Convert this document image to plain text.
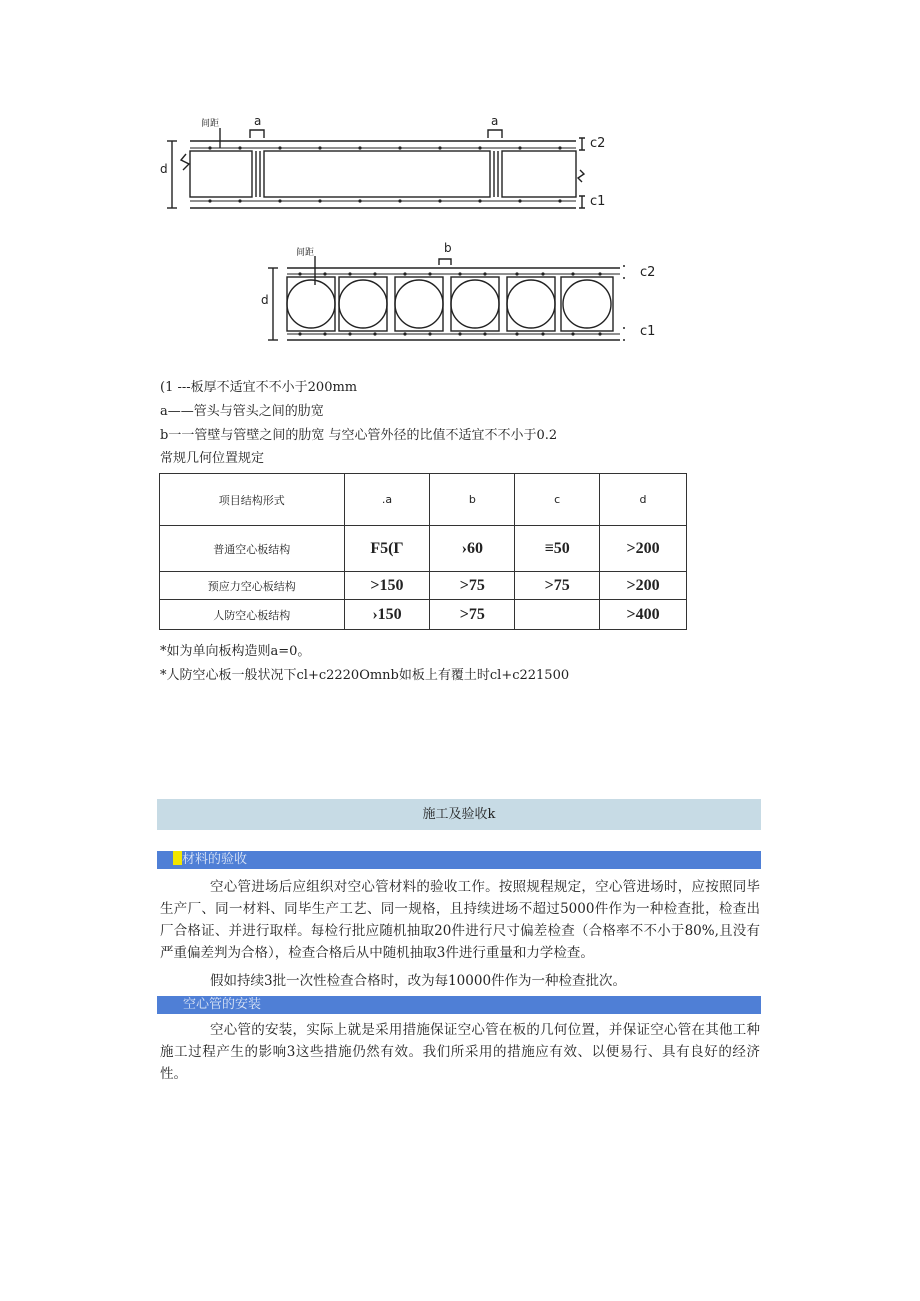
间距	a	a
d
c2
c1
间距	b
d
c2
c1
(1 ---板厚不适宜不不小于200mm
a——管头与管头之间的肋宽
b一一管壁与管壁之间的肋宽 与空心管外径的比值不适宜不不小于0.2
常规几何位置规定
项目结构形式	.a	b	c	d
普通空心板结构	F5(Γ	›60	≡50	>200
预应力空心板结构	>150	>75	>75	>200
人防空心板结构	›150	>75		>400
*如为单向板构造则a=0。
*人防空心板一般状况下cl+c2220Omnb如板上有覆土时cl+c221500
施工及验收k
材料的验收
空心管进场后应组织对空心管材料的验收工作。按照规程规定，空心管进场时，应按照同毕生产厂、同一材料、同毕生产工艺、同一规格，且持续进场不超过5000件作为一种检查批，检查出厂合格证、并进行取样。每检行批应随机抽取20件进行尺寸偏差检查（合格率不不小于80%,且没有严重偏差判为合格），检查合格后从中随机抽取3件进行重量和力学检查。
假如持续3批一次性检查合格时，改为每10000件作为一种检查批次。
空心管的安装
空心管的安装，实际上就是采用措施保证空心管在板的几何位置，并保证空心管在其他工种施工过程产生的影响3这些措施仍然有效。我们所采用的措施应有效、以便易行、具有良好的经济性。
